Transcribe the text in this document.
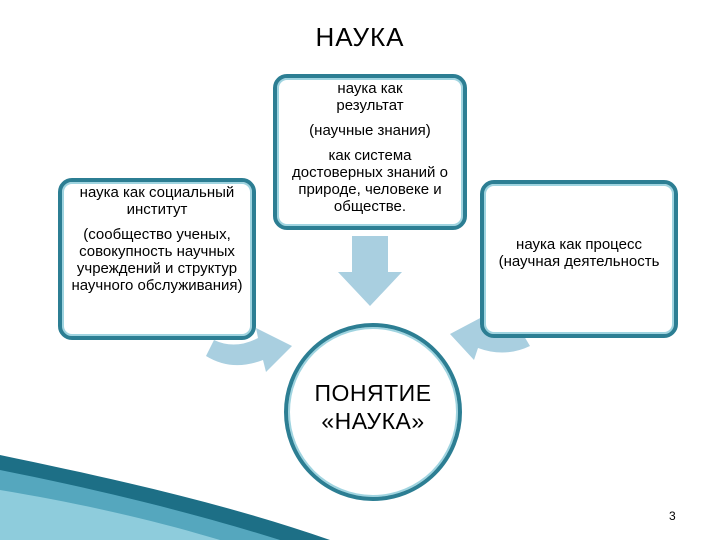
НАУКА
наука как
результат
(научные знания)
как система достоверных знаний о природе, человеке и обществе.
наука как социальный институт
(сообщество ученых, совокупность научных учреждений и структур научного обслуживания)
наука как процесс (научная деятельность
ПОНЯТИЕ «НАУКА»
3
